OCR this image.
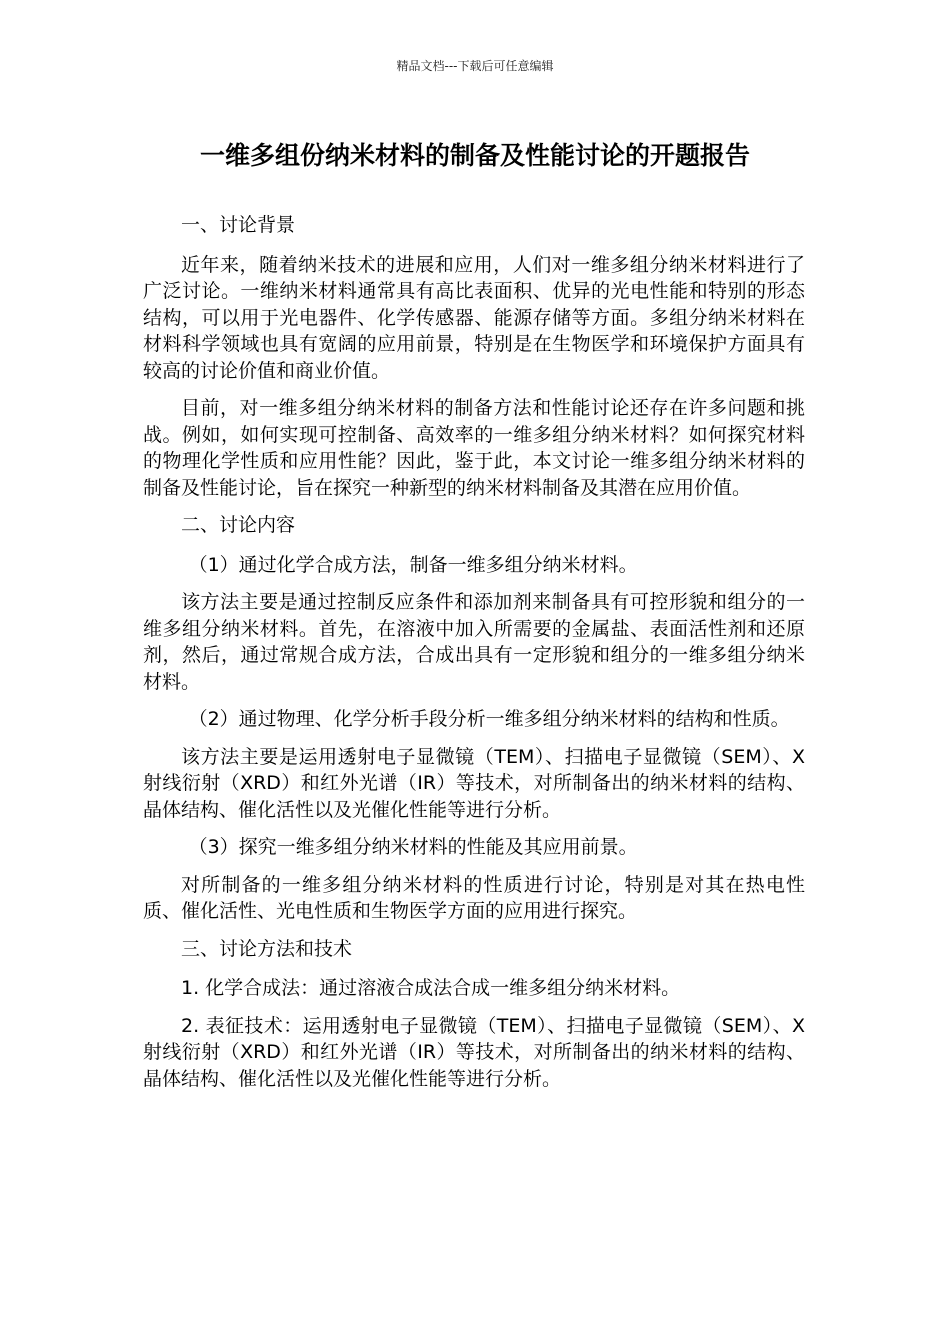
精品文档---下载后可任意编辑
一维多组份纳米材料的制备及性能讨论的开题报告

一、讨论背景

近年来，随着纳米技术的进展和应用，人们对一维多组分纳米材料进行了广泛讨论。一维纳米材料通常具有高比表面积、优异的光电性能和特别的形态结构，可以用于光电器件、化学传感器、能源存储等方面。多组分纳米材料在材料科学领域也具有宽阔的应用前景，特别是在生物医学和环境保护方面具有较高的讨论价值和商业价值。

目前，对一维多组分纳米材料的制备方法和性能讨论还存在许多问题和挑战。例如，如何实现可控制备、高效率的一维多组分纳米材料？如何探究材料的物理化学性质和应用性能？因此，鉴于此，本文讨论一维多组分纳米材料的制备及性能讨论，旨在探究一种新型的纳米材料制备及其潜在应用价值。

二、讨论内容

（1）通过化学合成方法，制备一维多组分纳米材料。

该方法主要是通过控制反应条件和添加剂来制备具有可控形貌和组分的一维多组分纳米材料。首先，在溶液中加入所需要的金属盐、表面活性剂和还原剂，然后，通过常规合成方法，合成出具有一定形貌和组分的一维多组分纳米材料。

（2）通过物理、化学分析手段分析一维多组分纳米材料的结构和性质。

该方法主要是运用透射电子显微镜（TEM）、扫描电子显微镜（SEM）、X射线衍射（XRD）和红外光谱（IR）等技术，对所制备出的纳米材料的结构、晶体结构、催化活性以及光催化性能等进行分析。

（3）探究一维多组分纳米材料的性能及其应用前景。

对所制备的一维多组分纳米材料的性质进行讨论，特别是对其在热电性质、催化活性、光电性质和生物医学方面的应用进行探究。

三、讨论方法和技术

1. 化学合成法：通过溶液合成法合成一维多组分纳米材料。

2. 表征技术：运用透射电子显微镜（TEM）、扫描电子显微镜（SEM）、X射线衍射（XRD）和红外光谱（IR）等技术，对所制备出的纳米材料的结构、晶体结构、催化活性以及光催化性能等进行分析。
